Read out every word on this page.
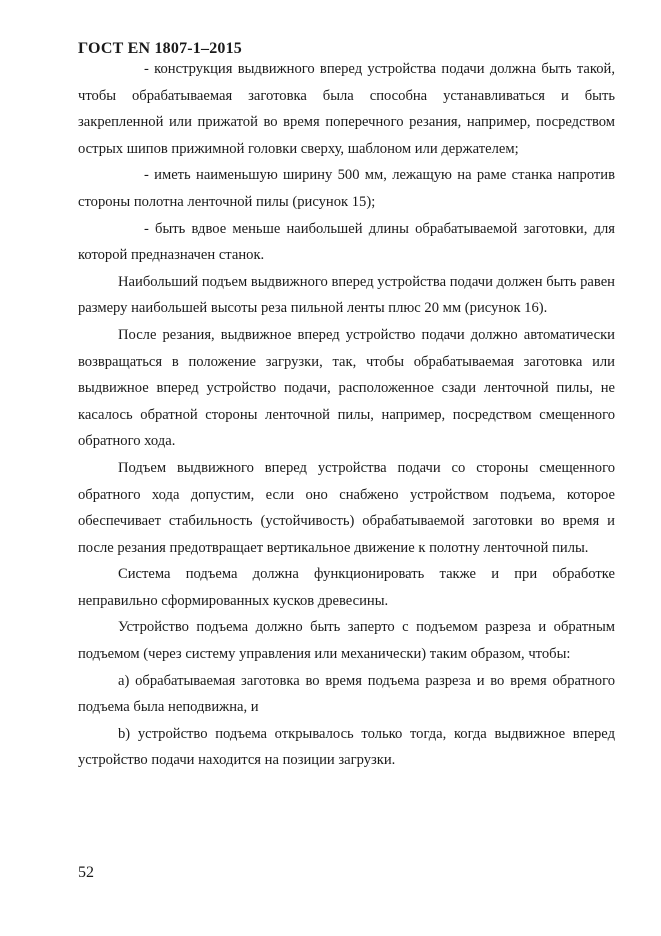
ГОСТ EN 1807-1–2015

- конструкция выдвижного вперед устройства подачи должна быть такой, чтобы обрабатываемая заготовка была способна устанавливаться и быть закрепленной или прижатой во время поперечного резания, например, посредством острых шипов прижимной головки сверху, шаблоном или держателем;

- иметь наименьшую ширину 500 мм, лежащую на раме станка напротив стороны полотна ленточной пилы (рисунок 15);

- быть вдвое меньше наибольшей длины обрабатываемой заготовки, для которой предназначен станок.

Наибольший подъем выдвижного вперед устройства подачи должен быть равен размеру наибольшей высоты реза пильной ленты плюс 20 мм (рисунок 16).

После резания, выдвижное вперед устройство подачи должно автоматически возвращаться в положение загрузки, так, чтобы обрабатываемая заготовка или выдвижное вперед устройство подачи, расположенное сзади ленточной пилы, не касалось обратной стороны ленточной пилы, например, посредством смещенного обратного хода.

Подъем выдвижного вперед устройства подачи со стороны смещенного обратного хода допустим, если оно снабжено устройством подъема, которое обеспечивает стабильность (устойчивость) обрабатываемой заготовки во время и после резания предотвращает вертикальное движение к полотну ленточной пилы.

Система подъема должна функционировать также и при обработке неправильно сформированных кусков древесины.

Устройство подъема должно быть заперто с подъемом разреза и обратным подъемом (через систему управления или механически) таким образом, чтобы:

а) обрабатываемая заготовка во время подъема разреза и во время обратного подъема была неподвижна, и

b) устройство подъема открывалось только тогда, когда выдвижное вперед устройство подачи находится на позиции загрузки.

52
